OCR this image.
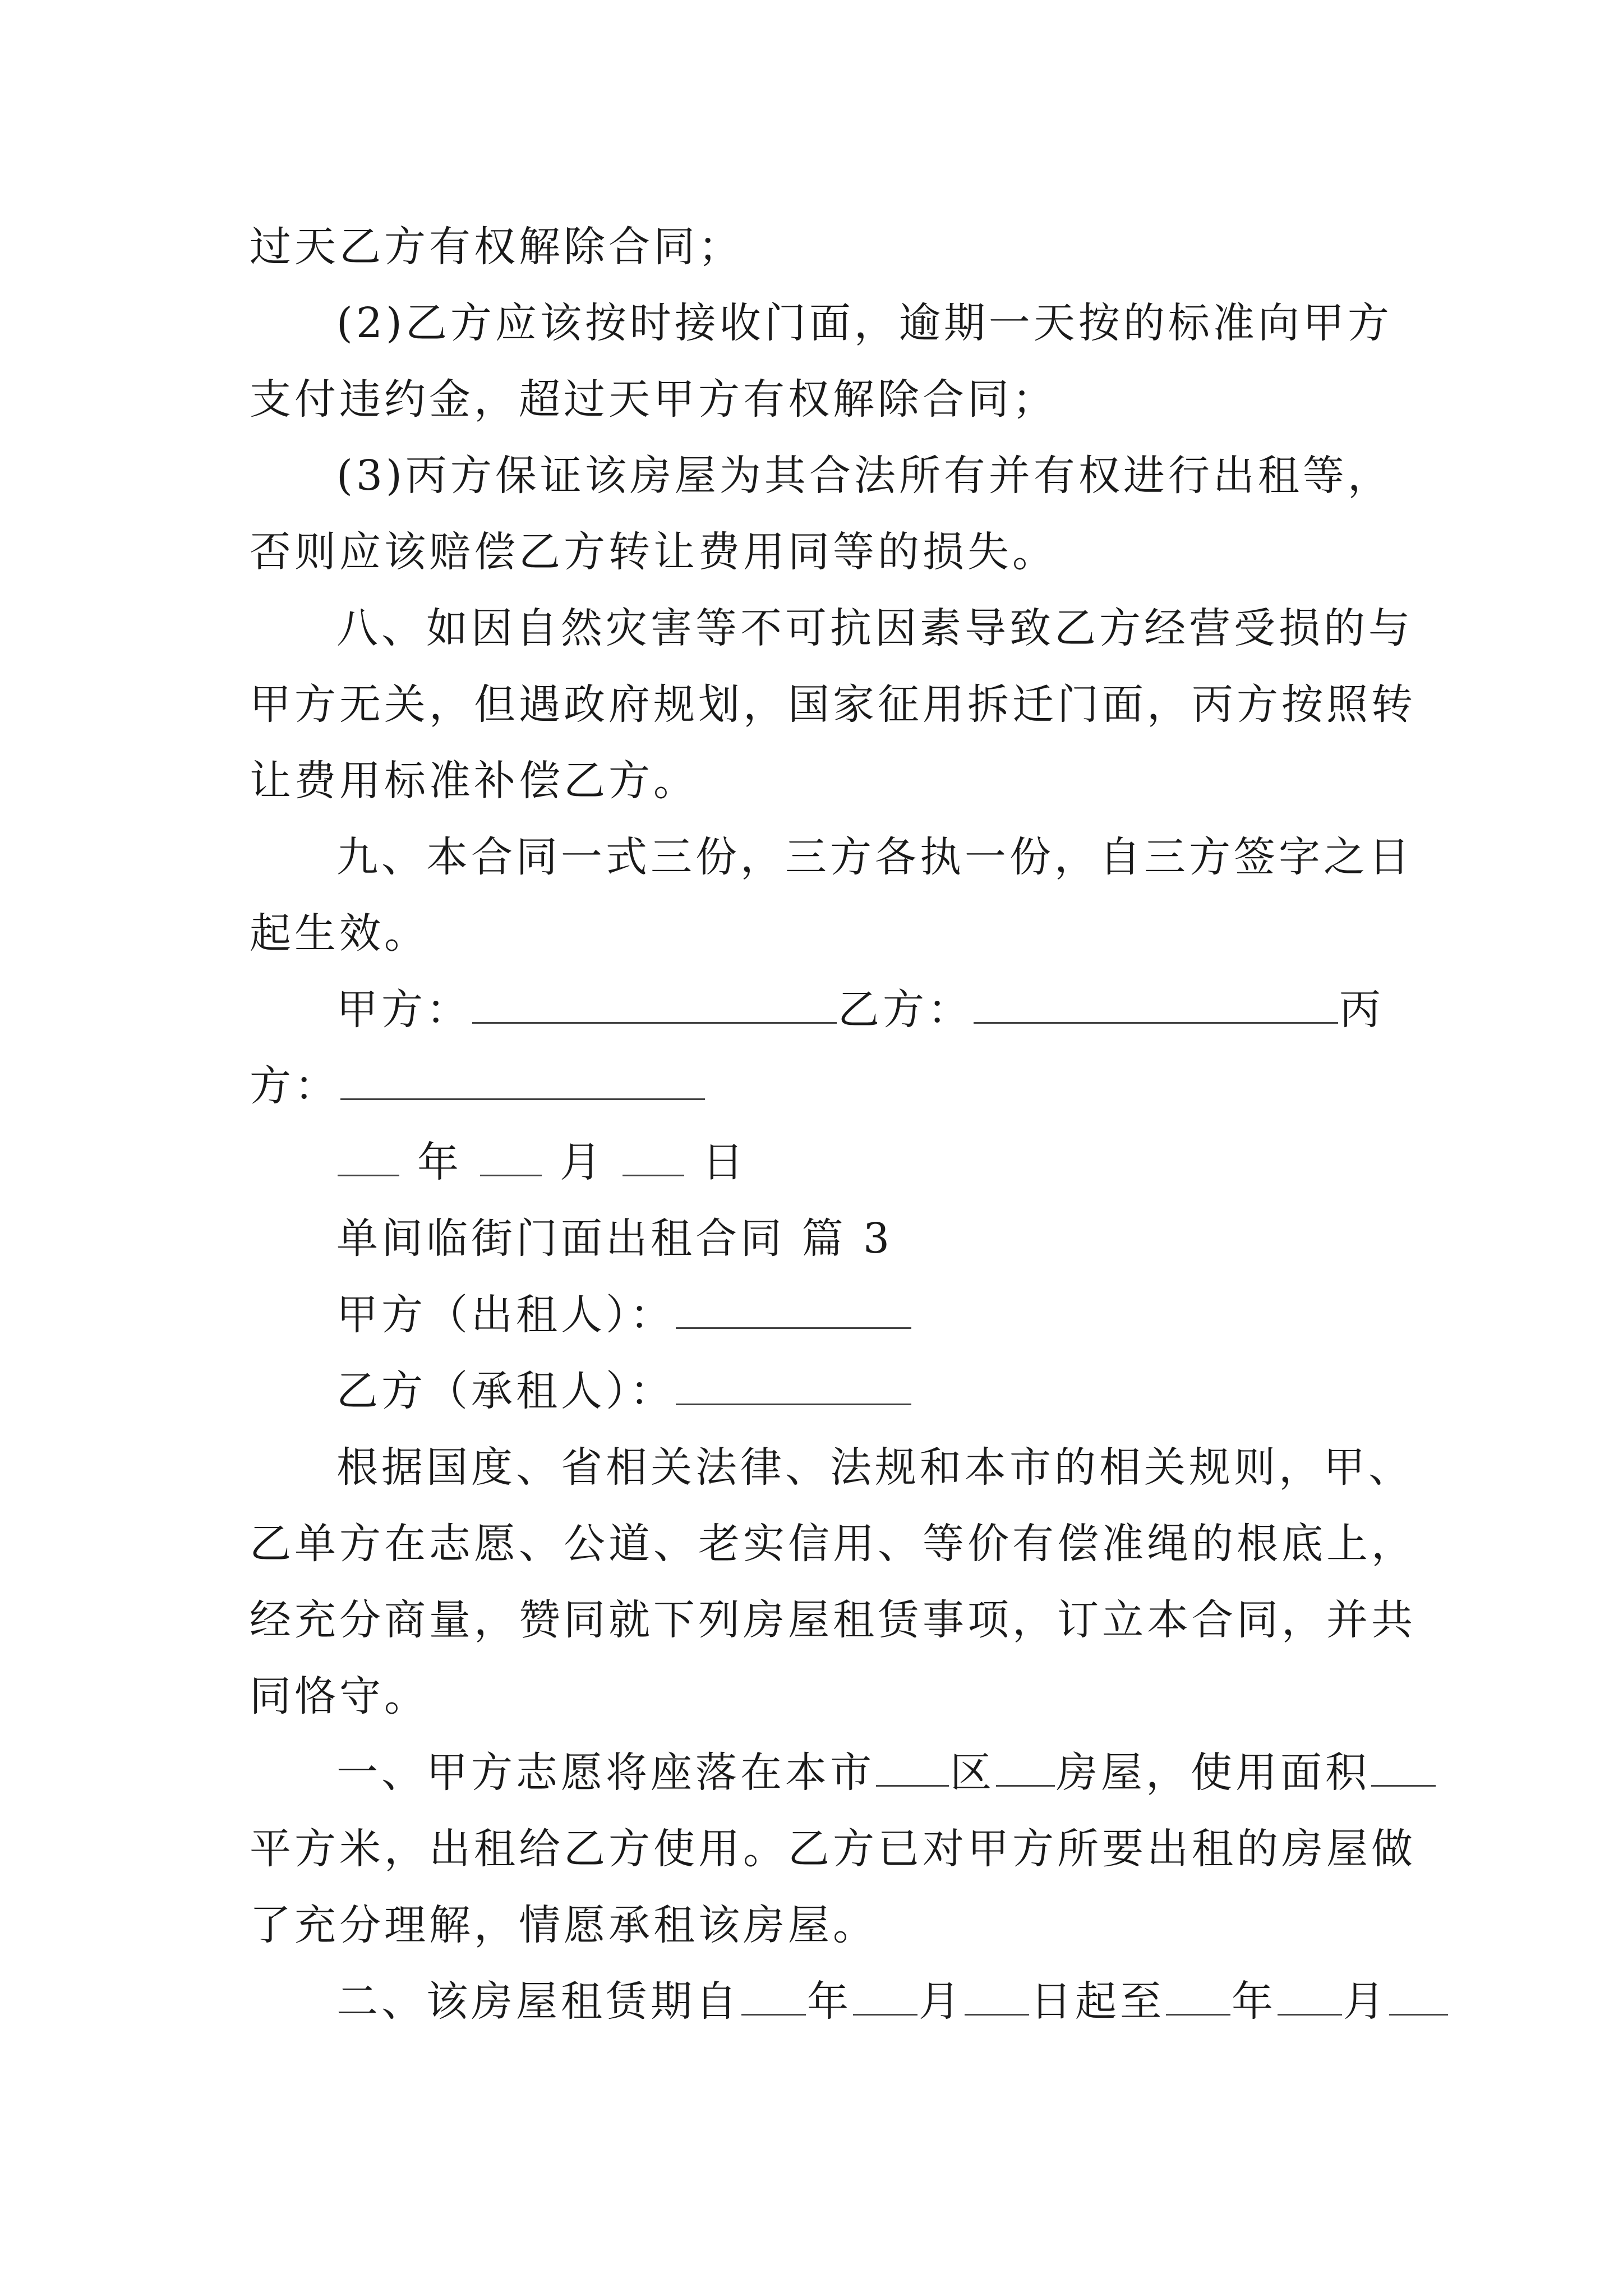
过天乙方有权解除合同；
(2)乙方应该按时接收门面，逾期一天按的标准向甲方
支付违约金，超过天甲方有权解除合同；
(3)丙方保证该房屋为其合法所有并有权进行出租等，
否则应该赔偿乙方转让费用同等的损失。
八、如因自然灾害等不可抗因素导致乙方经营受损的与
甲方无关，但遇政府规划，国家征用拆迁门面，丙方按照转
让费用标准补偿乙方。
九、本合同一式三份，三方各执一份，自三方签字之日
起生效。
甲方：	乙方：	丙
方：
年 月 日
单间临街门面出租合同 篇 3
甲方（出租人）：
乙方（承租人）：
根据国度、省相关法律、法规和本市的相关规则，甲、
乙单方在志愿、公道、老实信用、等价有偿准绳的根底上，
经充分商量，赞同就下列房屋租赁事项，订立本合同，并共
同恪守。
一、甲方志愿将座落在本市 区 房屋，使用面积
平方米，出租给乙方使用。乙方已对甲方所要出租的房屋做
了充分理解，情愿承租该房屋。
二、该房屋租赁期自 年 月 日起至 年 月
